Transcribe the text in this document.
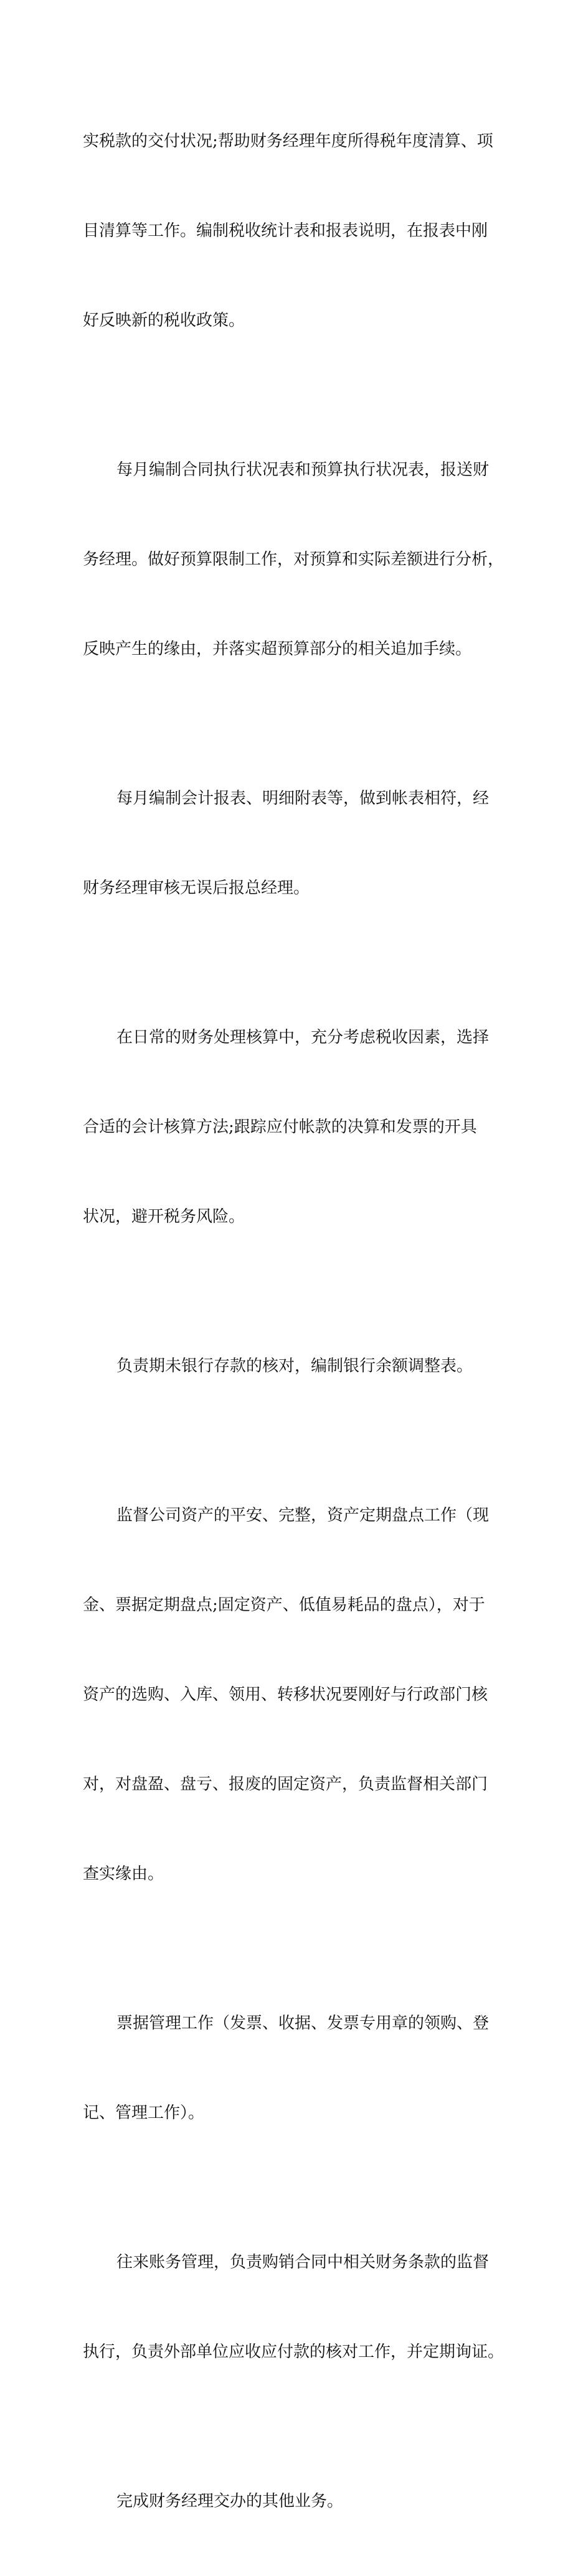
实税款的交付状况;帮助财务经理年度所得税年度清算、项

目清算等工作。编制税收统计表和报表说明，在报表中刚

好反映新的税收政策。

每月编制合同执行状况表和预算执行状况表，报送财

务经理。做好预算限制工作，对预算和实际差额进行分析，

反映产生的缘由，并落实超预算部分的相关追加手续。

每月编制会计报表、明细附表等，做到帐表相符，经

财务经理审核无误后报总经理。

在日常的财务处理核算中，充分考虑税收因素，选择

合适的会计核算方法;跟踪应付帐款的决算和发票的开具

状况，避开税务风险。

负责期未银行存款的核对，编制银行余额调整表。

监督公司资产的平安、完整，资产定期盘点工作（现

金、票据定期盘点;固定资产、低值易耗品的盘点），对于

资产的选购、入库、领用、转移状况要刚好与行政部门核

对，对盘盈、盘亏、报废的固定资产，负责监督相关部门

查实缘由。

票据管理工作（发票、收据、发票专用章的领购、登

记、管理工作）。

往来账务管理，负责购销合同中相关财务条款的监督

执行，负责外部单位应收应付款的核对工作，并定期询证。

完成财务经理交办的其他业务。
